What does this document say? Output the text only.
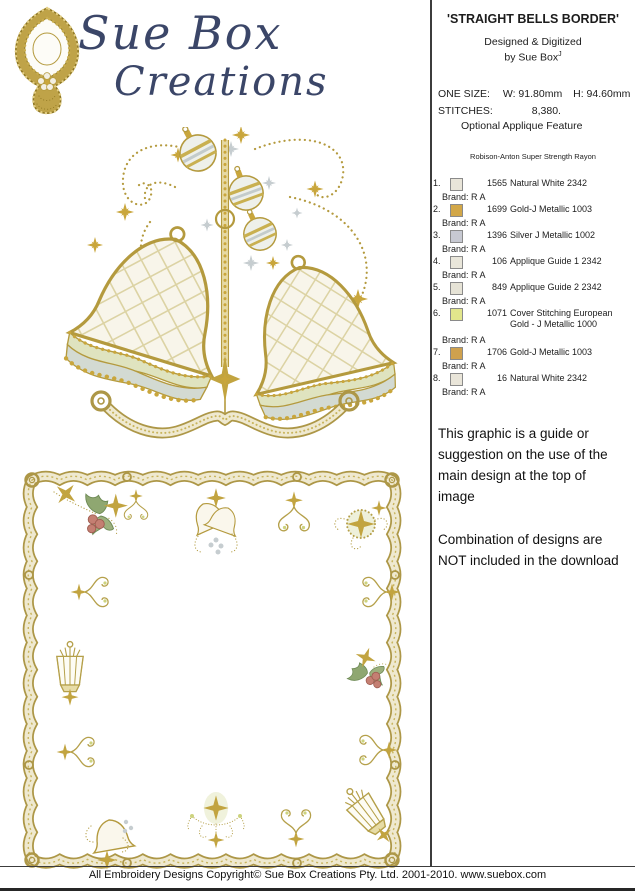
Sue Box
Creations
'STRAIGHT BELLS BORDER'
Designed & Digitized
by Sue Box$^J$
ONE SIZE: W: 91.80mm H: 94.60mm
STITCHES:	8,380.
Optional Applique Feature
Robison-Anton Super Strength Rayon
1.	1565 Natural White 2342
Brand: R A
2.	1699 Gold-J Metallic 1003
Brand: R A
3.	1396 Silver J Metallic 1002
Brand: R A
4.	106 Applique Guide 1 2342
Brand: R A
5.	849 Applique Guide 2 2342
Brand: R A
6.	1071 Cover Stitching European Gold - J Metallic 1000
Brand: R A
7.	1706 Gold-J Metallic 1003
Brand: R A
8.	16 Natural White 2342
Brand: R A
This graphic is a guide or suggestion on the use of the main design at the top of image
Combination of designs are NOT included in the download
All Embroidery Designs Copyright© Sue Box Creations Pty. Ltd. 2001-2010. www.suebox.com
